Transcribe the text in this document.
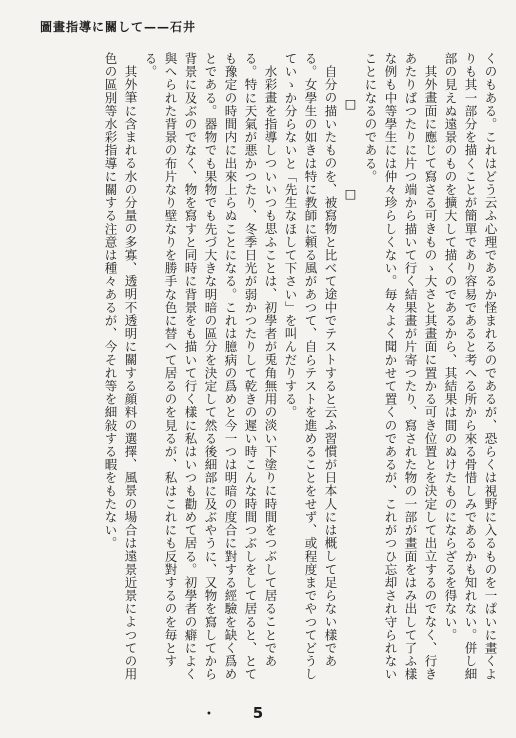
圖畫指導に關して——石井

くのもある。これはどう云ふ心理であるか怪まれるのであるが、恐らくは視野に入るものを一ぱいに畫くよりも其一部分を描くことが簡單であり容易であると考へる所から來る骨惜しみであるかも知れない。併し細部の見えぬ遠景のものを擴大して描くのであるから、其結果は間のぬけたものにならざるを得ない。

其外畫面に應じて寫さる可きものゝ大さと其畫面に置かる可き位置とを決定して出立するのでなく、行きあたりばつたりに片つ端から描いて行く結果畫が片寄つたり、寫された物の一部が畫面をはみ出して了ふ樣な例も中等學生には仲々珍らしくない。毎々よく聞かせて置くのであるが、これがつひ忘却され守られないことになるのである。

□　□

自分の描いたものを、被寫物と比べて途中でテストすると云ふ習慣が日本人には概して足らない樣である。女學生の如きは特に教師に頼る風があつて、自らテストを進めることをせず、或程度までやつてどうしていゝか分らないと「先生なほして下さい」を叫んだりする。

水彩畫を指導しついいつも思ふことは、初學者が兎角無用の淡い下塗りに時間をつぶして居ることである。特に天氣が悪かつたり、冬季日光が弱かつたりして乾きの遲い時こんな時間つぶしをして居ると、とても豫定の時間内に出來上らぬことになる。これは臆病の爲めと今一つは明暗の度合に對する經驗を缺く爲めとである。器物でも果物でも先づ大きな明暗の區分を決定して然る後細部に及ぶやうに、又物を寫してから背景に及ぶのでなく、物を寫すと同時に背景をも描いて行く樣に私はいつも勸めて居る。初學者の癖によく與へられた背景の布片なり壁なりを勝手な色に替へて居るのを見るが、私はこれにも反對するのを毎とする。

其外筆に含まれる水の分量の多寡、透明不透明に關する顔料の選擇、風景の場合は遠景近景によつての用色の區別等水彩指導に關する注意は種々あるが、今それ等を細敍する暇をもたない。

•	5
